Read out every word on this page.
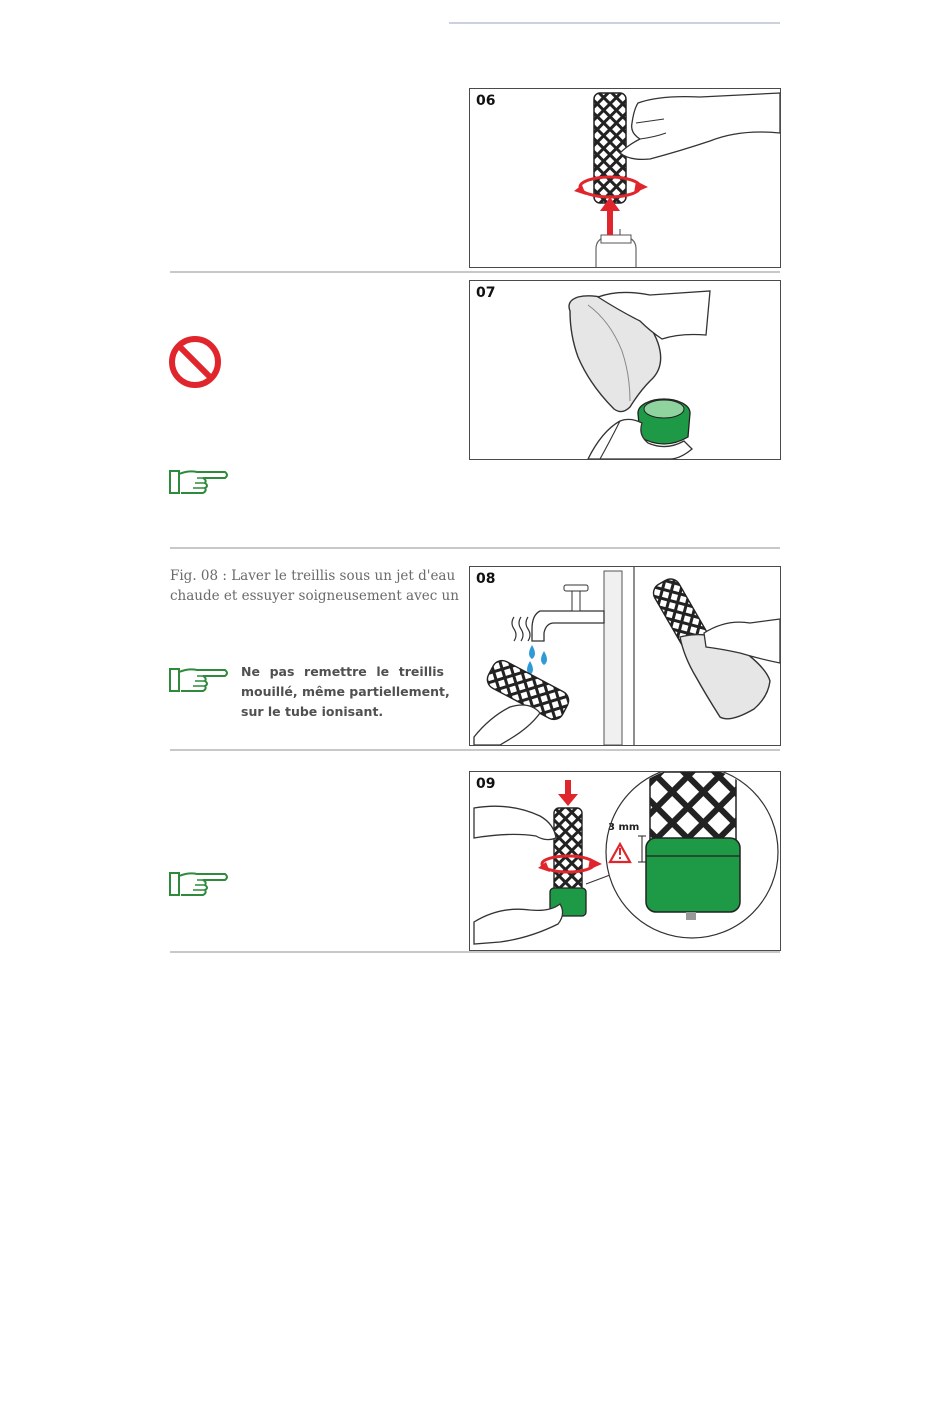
06
07
Fig. 08 : Laver le treillis sous un jet d'eau
chaude et essuyer soigneusement avec un
Ne pas remettre le treillis
mouillé, même partiellement,
sur le tube ionisant.
08
09
3 mm
